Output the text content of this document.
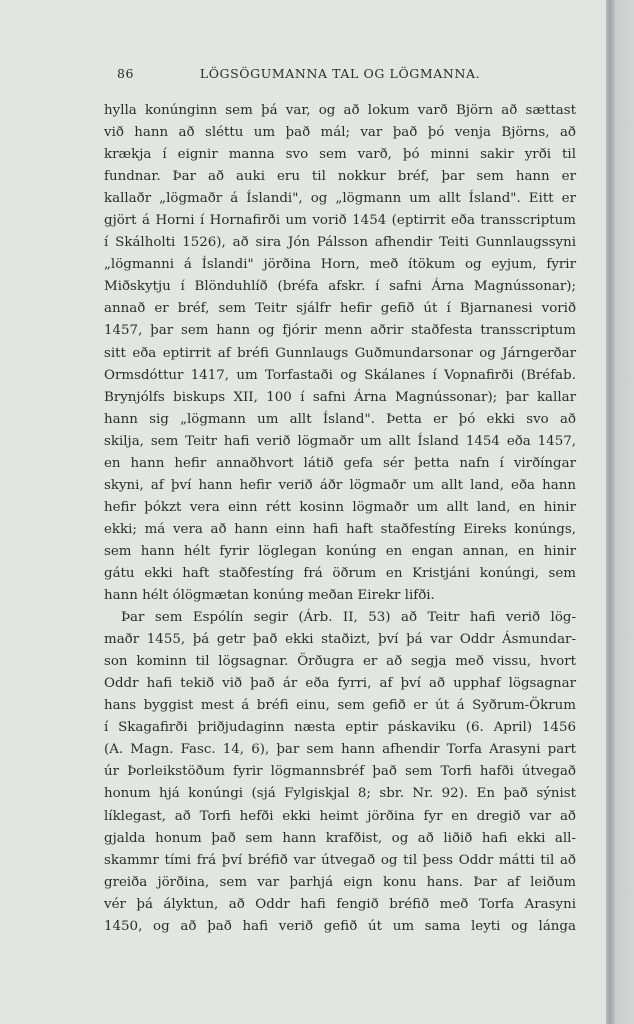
86	LÖGSÖGUMANNA TAL OG LÖGMANNA.
hylla konúnginn sem þá var, og að lokum varð Björn að sættast
við hann að sléttu um það mál; var það þó venja Björns, að
krækja í eignir manna svo sem varð, þó minni sakir yrði til
fundnar. Þar að auki eru til nokkur bréf, þar sem hann er
kallaðr „lögmaðr á Íslandi", og „lögmann um allt Ísland". Eitt er
gjört á Horni í Hornafirði um vorið 1454 (eptirrit eða transscriptum
í Skálholti 1526), að sira Jón Pálsson afhendir Teiti Gunnlaugssyni
„lögmanni á Íslandi" jörðina Horn, með ítökum og eyjum, fyrir
Miðskytju í Blönduhlíð (bréfa afskr. í safni Árna Magnússonar);
annað er bréf, sem Teitr sjálfr hefir gefið út í Bjarnanesi vorið
1457, þar sem hann og fjórir menn aðrir staðfesta transscriptum
sitt eða eptirrit af bréfi Gunnlaugs Guðmundarsonar og Járngerðar
Ormsdóttur 1417, um Torfastaði og Skálanes í Vopnafirði (Bréfab.
Brynjólfs biskups XII, 100 í safni Árna Magnússonar); þar kallar
hann sig „lögmann um allt Ísland". Þetta er þó ekki svo að
skilja, sem Teitr hafi verið lögmaðr um allt Ísland 1454 eða 1457,
en hann hefir annaðhvort látið gefa sér þetta nafn í virðíngar
skyni, af því hann hefir verið áðr lögmaðr um allt land, eða hann
hefir þókzt vera einn rétt kosinn lögmaðr um allt land, en hinir
ekki; má vera að hann einn hafi haft staðfestíng Eireks konúngs,
sem hann hélt fyrir löglegan konúng en engan annan, en hinir
gátu ekki haft staðfestíng frá öðrum en Kristjáni konúngi, sem
hann hélt ólögmætan konúng meðan Eirekr lifði.
Þar sem Espólín segir (Árb. II, 53) að Teitr hafi verið lög-
maðr 1455, þá getr það ekki staðizt, því þá var Oddr Ásmundar-
son kominn til lögsagnar. Örðugra er að segja með vissu, hvort
Oddr hafi tekið við það ár eða fyrri, af því að upphaf lögsagnar
hans byggist mest á bréfi einu, sem gefið er út á Syðrum-Ökrum
í Skagafirði þriðjudaginn næsta eptir páskaviku (6. April) 1456
(A. Magn. Fasc. 14, 6), þar sem hann afhendir Torfa Arasyni part
úr Þorleikstöðum fyrir lögmannsbréf það sem Torfi hafði útvegað
honum hjá konúngi (sjá Fylgiskjal 8; sbr. Nr. 92). En það sýnist
líklegast, að Torfi hefði ekki heimt jörðina fyr en dregið var að
gjalda honum það sem hann krafðist, og að liðið hafi ekki all-
skammr tími frá því bréfið var útvegað og til þess Oddr mátti til að
greiða jörðina, sem var þarhjá eign konu hans. Þar af leiðum
vér þá ályktun, að Oddr hafi fengið bréfið með Torfa Arasyni
1450, og að það hafi verið gefið út um sama leyti og lánga
